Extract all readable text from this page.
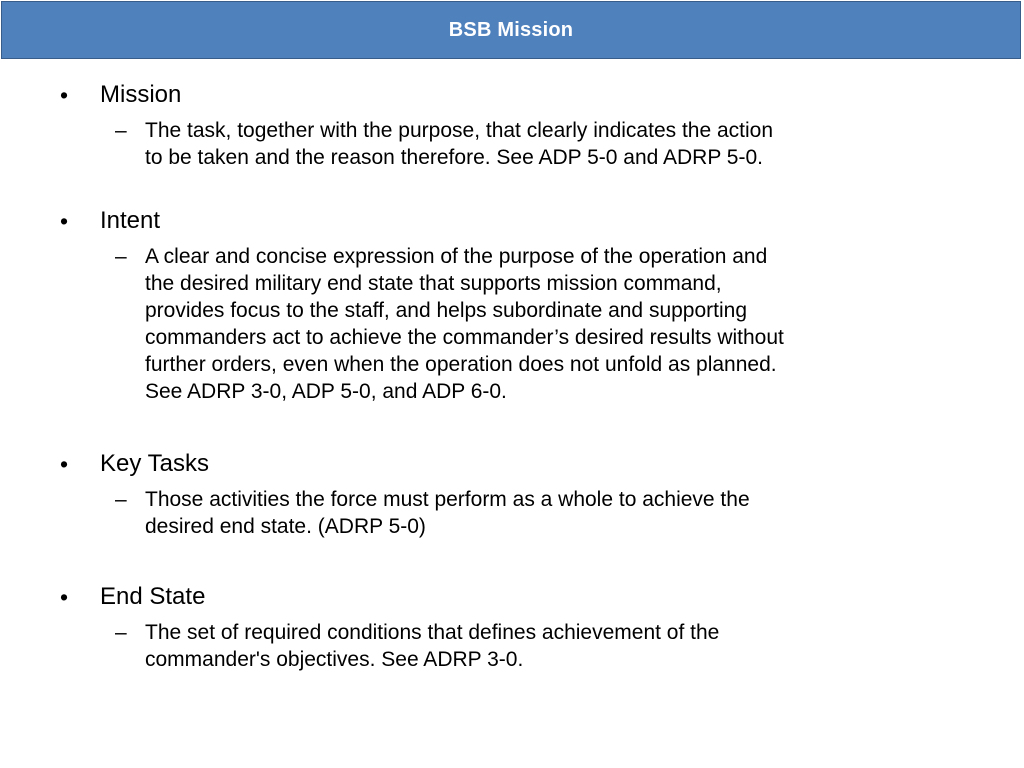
BSB Mission
• Mission
– The task, together with the purpose, that clearly indicates the action
to be taken and the reason therefore. See ADP 5-0 and ADRP 5-0.
• Intent
– A clear and concise expression of the purpose of the operation and
the desired military end state that supports mission command,
provides focus to the staff, and helps subordinate and supporting
commanders act to achieve the commander’s desired results without
further orders, even when the operation does not unfold as planned.
See ADRP 3-0, ADP 5-0, and ADP 6-0.
• Key Tasks
– Those activities the force must perform as a whole to achieve the
desired end state. (ADRP 5-0)
• End State
– The set of required conditions that defines achievement of the
commander's objectives. See ADRP 3-0.
